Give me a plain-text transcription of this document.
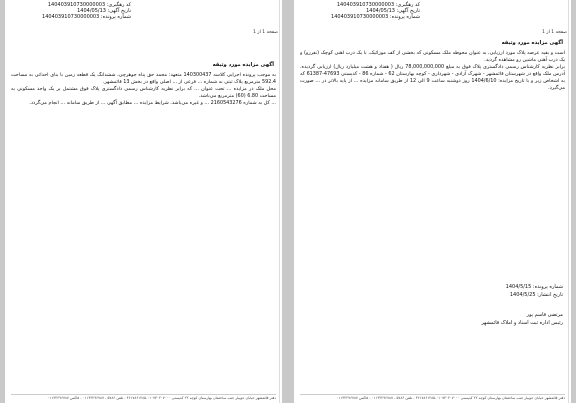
کد رهگیری: 140403910730000003
تاریخ آگهی: 1404/05/13
شماره پرونده: 140403910730000003
صفحه 1 از 1
آگهی مزایده مورد وثیقه

به موجب پرونده اجرایی کلاسه 140300437 متعهد: محمد حق پناه جوهرچی، ششدانگ یک قطعه زمین با بنای احداثی به مساحت 592.4 مترمربع پلاک ثبتی به شماره ... فرعی از ... اصلی واقع در بخش 13 قائمشهر.

محل ملک در مزایده ... تحت عنوان ... که برابر نظریه کارشناس رسمی دادگستری پلاک فوق مشتمل بر یک واحد مسکونی به مساحت 6.80 (60) مترمربع می‌باشد.

... کل به شماره 2160543276 ... و غیره می‌باشد. شرایط مزایده ... مطابق آگهی ... از طریق سامانه ... انجام می‌گردد.

دفتر قائمشهر خیابان جویبار جنب ساختمان بهارستان کوچه ۲۲ کدپستی ۰۱۰۷۳۰۲۰۷۰۰۰-۴۶۱۷۸۶۱۲۸۵ - تلفن ۵۷۸۶ - ۰۱۱۴۲۲۹۶۷۸۷ - فاکس ۰۱۱۴۲۲۹۶۷۸۷
کد رهگیری: 140403910730000003
تاریخ آگهی: 1404/05/13
شماره پرونده: 140403910730000003
صفحه 1 از 1
آگهی مزایده مورد وثیقه

است و بقیه عرصه پلاک مورد ارزیابی، به عنوان محوطه ملک مسکونی که بخشی از کف موزائیک، با یک درب آهنی کوچک (نفررو) و یک درب آهنی ماشین رو مشاهده گردید.

برابر نظریه کارشناس رسمی دادگستری پلاک فوق به مبلغ 78,000,000,000 ریال ( هفتاد و هشت میلیارد ریال) ارزیابی گردیده. آدرس ملک واقع در شهرستان قائمشهر - شهرک آزادی - شهرداری - کوچه بهارستان 62 - شماره 86 - کدپستی 47693-61387 که به اشخاص زیر و با تاریخ مزایده: 1404/6/10 روز دوشنبه ساعت 9 الی 12 از طریق سامانه مزایده ... از پایه بالاتر در ... صورت می‌گیرد.

شماره پرونده: 1404/5/15
تاریخ انتشار: 1404/5/25
مرتضی قاسم پور
رئیس اداره ثبت اسناد و املاک قائمشهر
دفتر قائمشهر خیابان جویبار جنب ساختمان بهارستان کوچه ۲۲ کدپستی ۰۱۰۷۳۰۲۰۷۰۰۰-۴۶۱۷۸۶۱۲۸۵ - تلفن ۵۷۸۶ - ۰۱۱۴۲۲۹۶۷۸۷ - فاکس ۰۱۱۴۲۲۹۶۷۸۷
